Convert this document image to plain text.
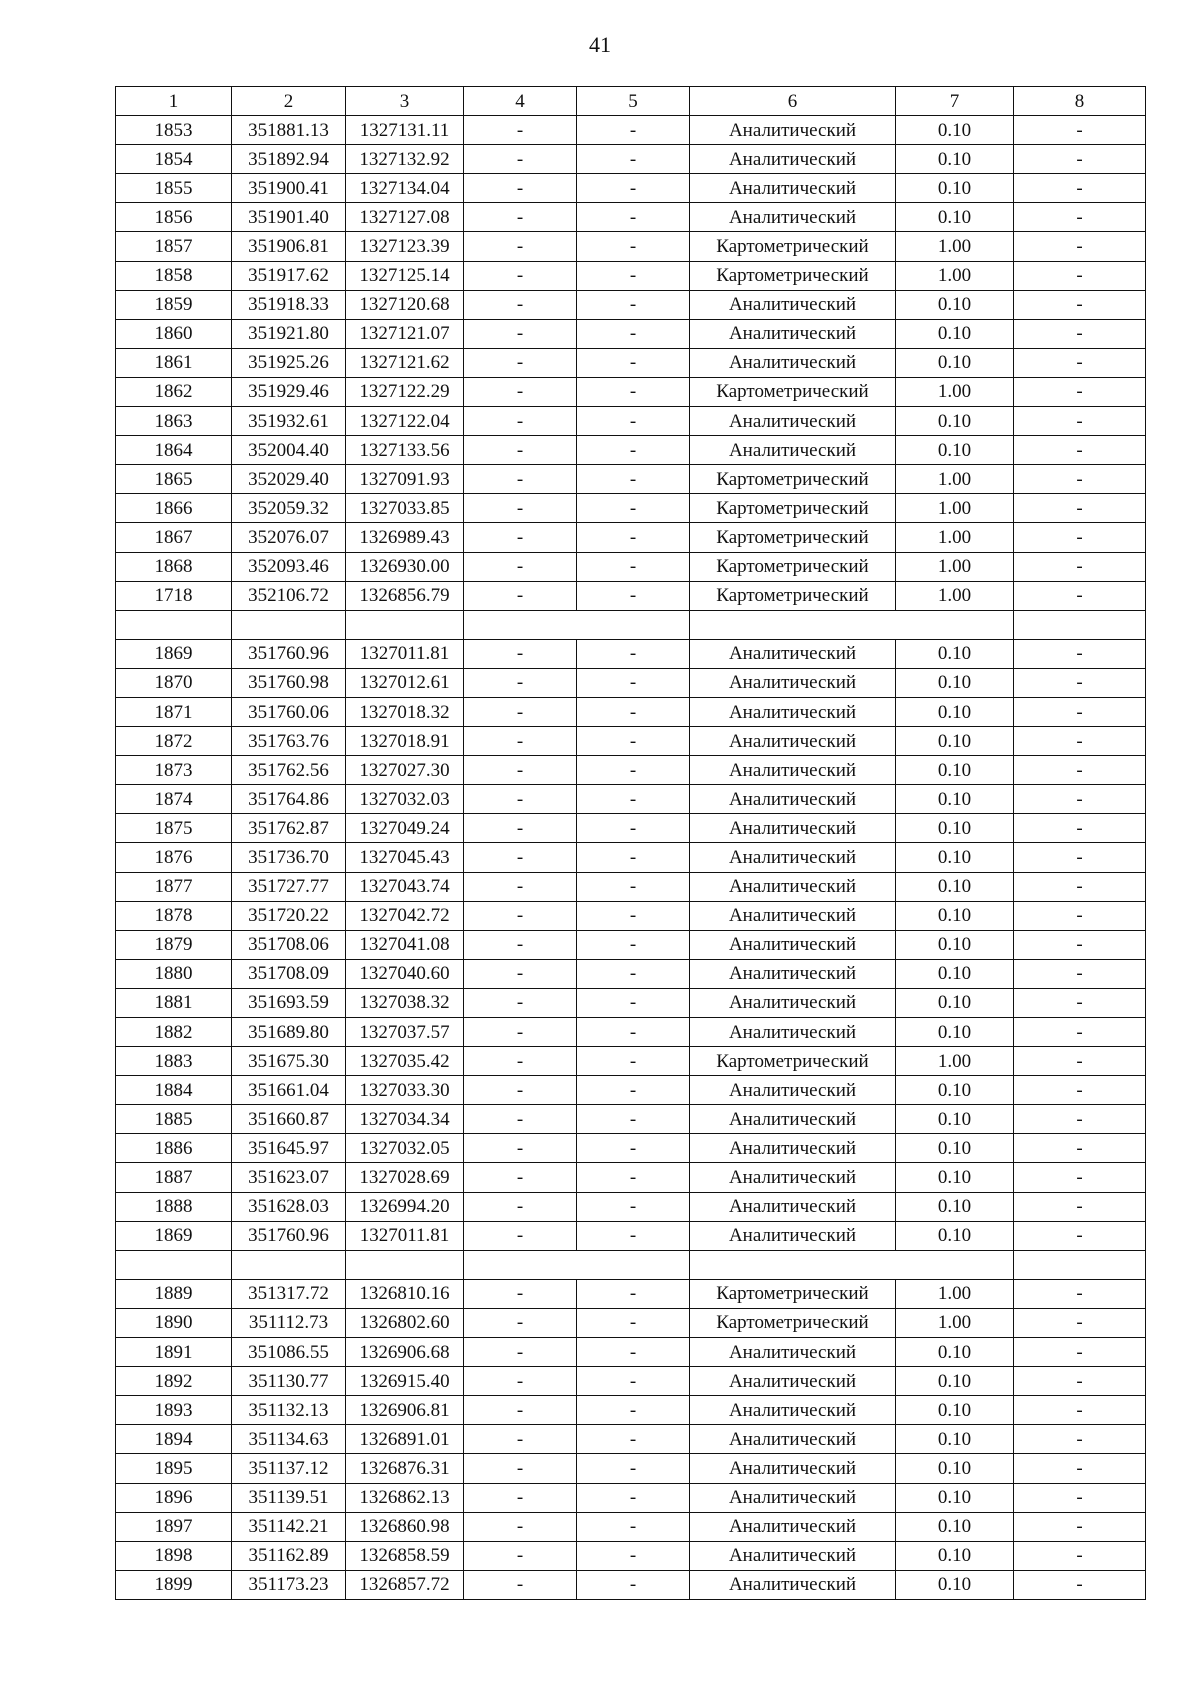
41
1	2	3	4	5	6	7	8
1853	351881.13	1327131.11	-	-	Аналитический	0.10	-
1854	351892.94	1327132.92	-	-	Аналитический	0.10	-
1855	351900.41	1327134.04	-	-	Аналитический	0.10	-
1856	351901.40	1327127.08	-	-	Аналитический	0.10	-
1857	351906.81	1327123.39	-	-	Картометрический	1.00	-
1858	351917.62	1327125.14	-	-	Картометрический	1.00	-
1859	351918.33	1327120.68	-	-	Аналитический	0.10	-
1860	351921.80	1327121.07	-	-	Аналитический	0.10	-
1861	351925.26	1327121.62	-	-	Аналитический	0.10	-
1862	351929.46	1327122.29	-	-	Картометрический	1.00	-
1863	351932.61	1327122.04	-	-	Аналитический	0.10	-
1864	352004.40	1327133.56	-	-	Аналитический	0.10	-
1865	352029.40	1327091.93	-	-	Картометрический	1.00	-
1866	352059.32	1327033.85	-	-	Картометрический	1.00	-
1867	352076.07	1326989.43	-	-	Картометрический	1.00	-
1868	352093.46	1326930.00	-	-	Картометрический	1.00	-
1718	352106.72	1326856.79	-	-	Картометрический	1.00	-

1869	351760.96	1327011.81	-	-	Аналитический	0.10	-
1870	351760.98	1327012.61	-	-	Аналитический	0.10	-
1871	351760.06	1327018.32	-	-	Аналитический	0.10	-
1872	351763.76	1327018.91	-	-	Аналитический	0.10	-
1873	351762.56	1327027.30	-	-	Аналитический	0.10	-
1874	351764.86	1327032.03	-	-	Аналитический	0.10	-
1875	351762.87	1327049.24	-	-	Аналитический	0.10	-
1876	351736.70	1327045.43	-	-	Аналитический	0.10	-
1877	351727.77	1327043.74	-	-	Аналитический	0.10	-
1878	351720.22	1327042.72	-	-	Аналитический	0.10	-
1879	351708.06	1327041.08	-	-	Аналитический	0.10	-
1880	351708.09	1327040.60	-	-	Аналитический	0.10	-
1881	351693.59	1327038.32	-	-	Аналитический	0.10	-
1882	351689.80	1327037.57	-	-	Аналитический	0.10	-
1883	351675.30	1327035.42	-	-	Картометрический	1.00	-
1884	351661.04	1327033.30	-	-	Аналитический	0.10	-
1885	351660.87	1327034.34	-	-	Аналитический	0.10	-
1886	351645.97	1327032.05	-	-	Аналитический	0.10	-
1887	351623.07	1327028.69	-	-	Аналитический	0.10	-
1888	351628.03	1326994.20	-	-	Аналитический	0.10	-
1869	351760.96	1327011.81	-	-	Аналитический	0.10	-

1889	351317.72	1326810.16	-	-	Картометрический	1.00	-
1890	351112.73	1326802.60	-	-	Картометрический	1.00	-
1891	351086.55	1326906.68	-	-	Аналитический	0.10	-
1892	351130.77	1326915.40	-	-	Аналитический	0.10	-
1893	351132.13	1326906.81	-	-	Аналитический	0.10	-
1894	351134.63	1326891.01	-	-	Аналитический	0.10	-
1895	351137.12	1326876.31	-	-	Аналитический	0.10	-
1896	351139.51	1326862.13	-	-	Аналитический	0.10	-
1897	351142.21	1326860.98	-	-	Аналитический	0.10	-
1898	351162.89	1326858.59	-	-	Аналитический	0.10	-
1899	351173.23	1326857.72	-	-	Аналитический	0.10	-
